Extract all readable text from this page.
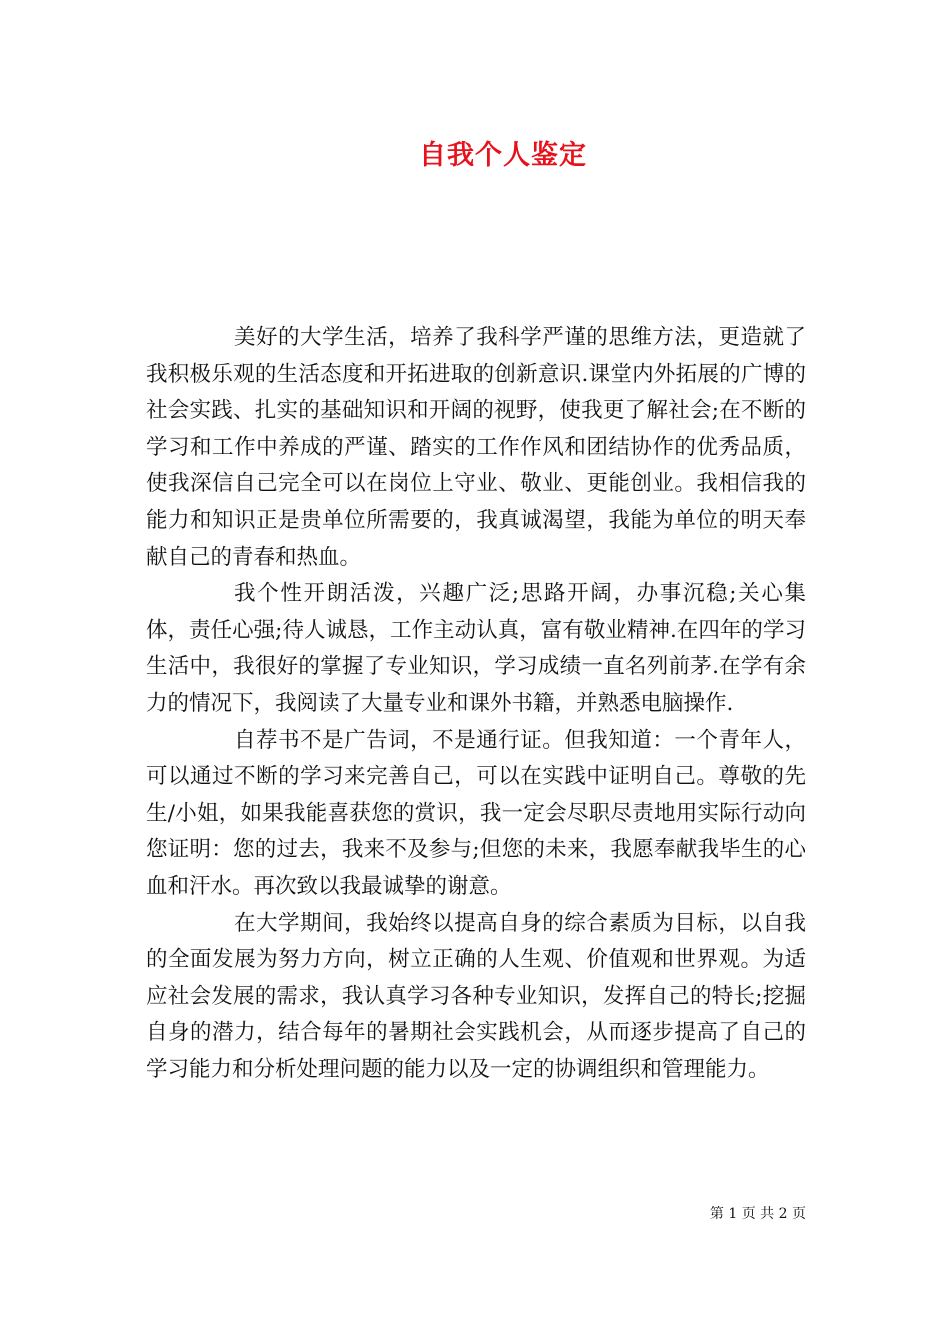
自我个人鉴定

美好的大学生活，培养了我科学严谨的思维方法，更造就了我积极乐观的生活态度和开拓进取的创新意识.课堂内外拓展的广博的社会实践、扎实的基础知识和开阔的视野，使我更了解社会;在不断的学习和工作中养成的严谨、踏实的工作作风和团结协作的优秀品质，使我深信自己完全可以在岗位上守业、敬业、更能创业。我相信我的能力和知识正是贵单位所需要的，我真诚渴望，我能为单位的明天奉献自己的青春和热血。

我个性开朗活泼，兴趣广泛;思路开阔，办事沉稳;关心集体，责任心强;待人诚恳，工作主动认真，富有敬业精神.在四年的学习生活中，我很好的掌握了专业知识，学习成绩一直名列前茅.在学有余力的情况下，我阅读了大量专业和课外书籍，并熟悉电脑操作.

自荐书不是广告词，不是通行证。但我知道：一个青年人，可以通过不断的学习来完善自己，可以在实践中证明自己。尊敬的先生/小姐，如果我能喜获您的赏识，我一定会尽职尽责地用实际行动向您证明：您的过去，我来不及参与;但您的未来，我愿奉献我毕生的心血和汗水。再次致以我最诚挚的谢意。

在大学期间，我始终以提高自身的综合素质为目标，以自我的全面发展为努力方向，树立正确的人生观、价值观和世界观。为适应社会发展的需求，我认真学习各种专业知识，发挥自己的特长;挖掘自身的潜力，结合每年的暑期社会实践机会，从而逐步提高了自己的学习能力和分析处理问题的能力以及一定的协调组织和管理能力。

第 1 页 共 2 页
